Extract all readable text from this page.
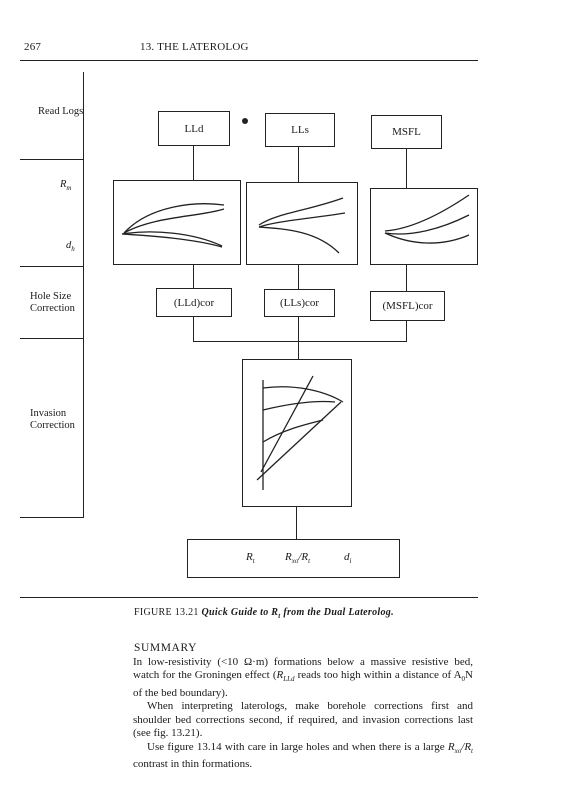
267	13. THE LATEROLOG
Read Logs
$R_m$
$d_h$
Hole Size
Correction
Invasion
Correction
LLd	LLs	MSFL
(LLd)cor	(LLs)cor	(MSFL)cor
$R_t$	$R_{xo}/R_t$	$d_i$
FIGURE 13.21 Quick Guide to $R_t$ from the Dual Laterolog.
SUMMARY

In low-resistivity (<10 Ω·m) formations below a massive resistive bed, watch for the Groningen effect ($R_{LLd}$ reads too high within a distance of $A_0N$ of the bed boundary).

When interpreting laterologs, make borehole corrections first and shoulder bed corrections second, if required, and invasion corrections last (see fig. 13.21).

Use figure 13.14 with care in large holes and when there is a large $R_{xo}/R_t$ contrast in thin formations.
